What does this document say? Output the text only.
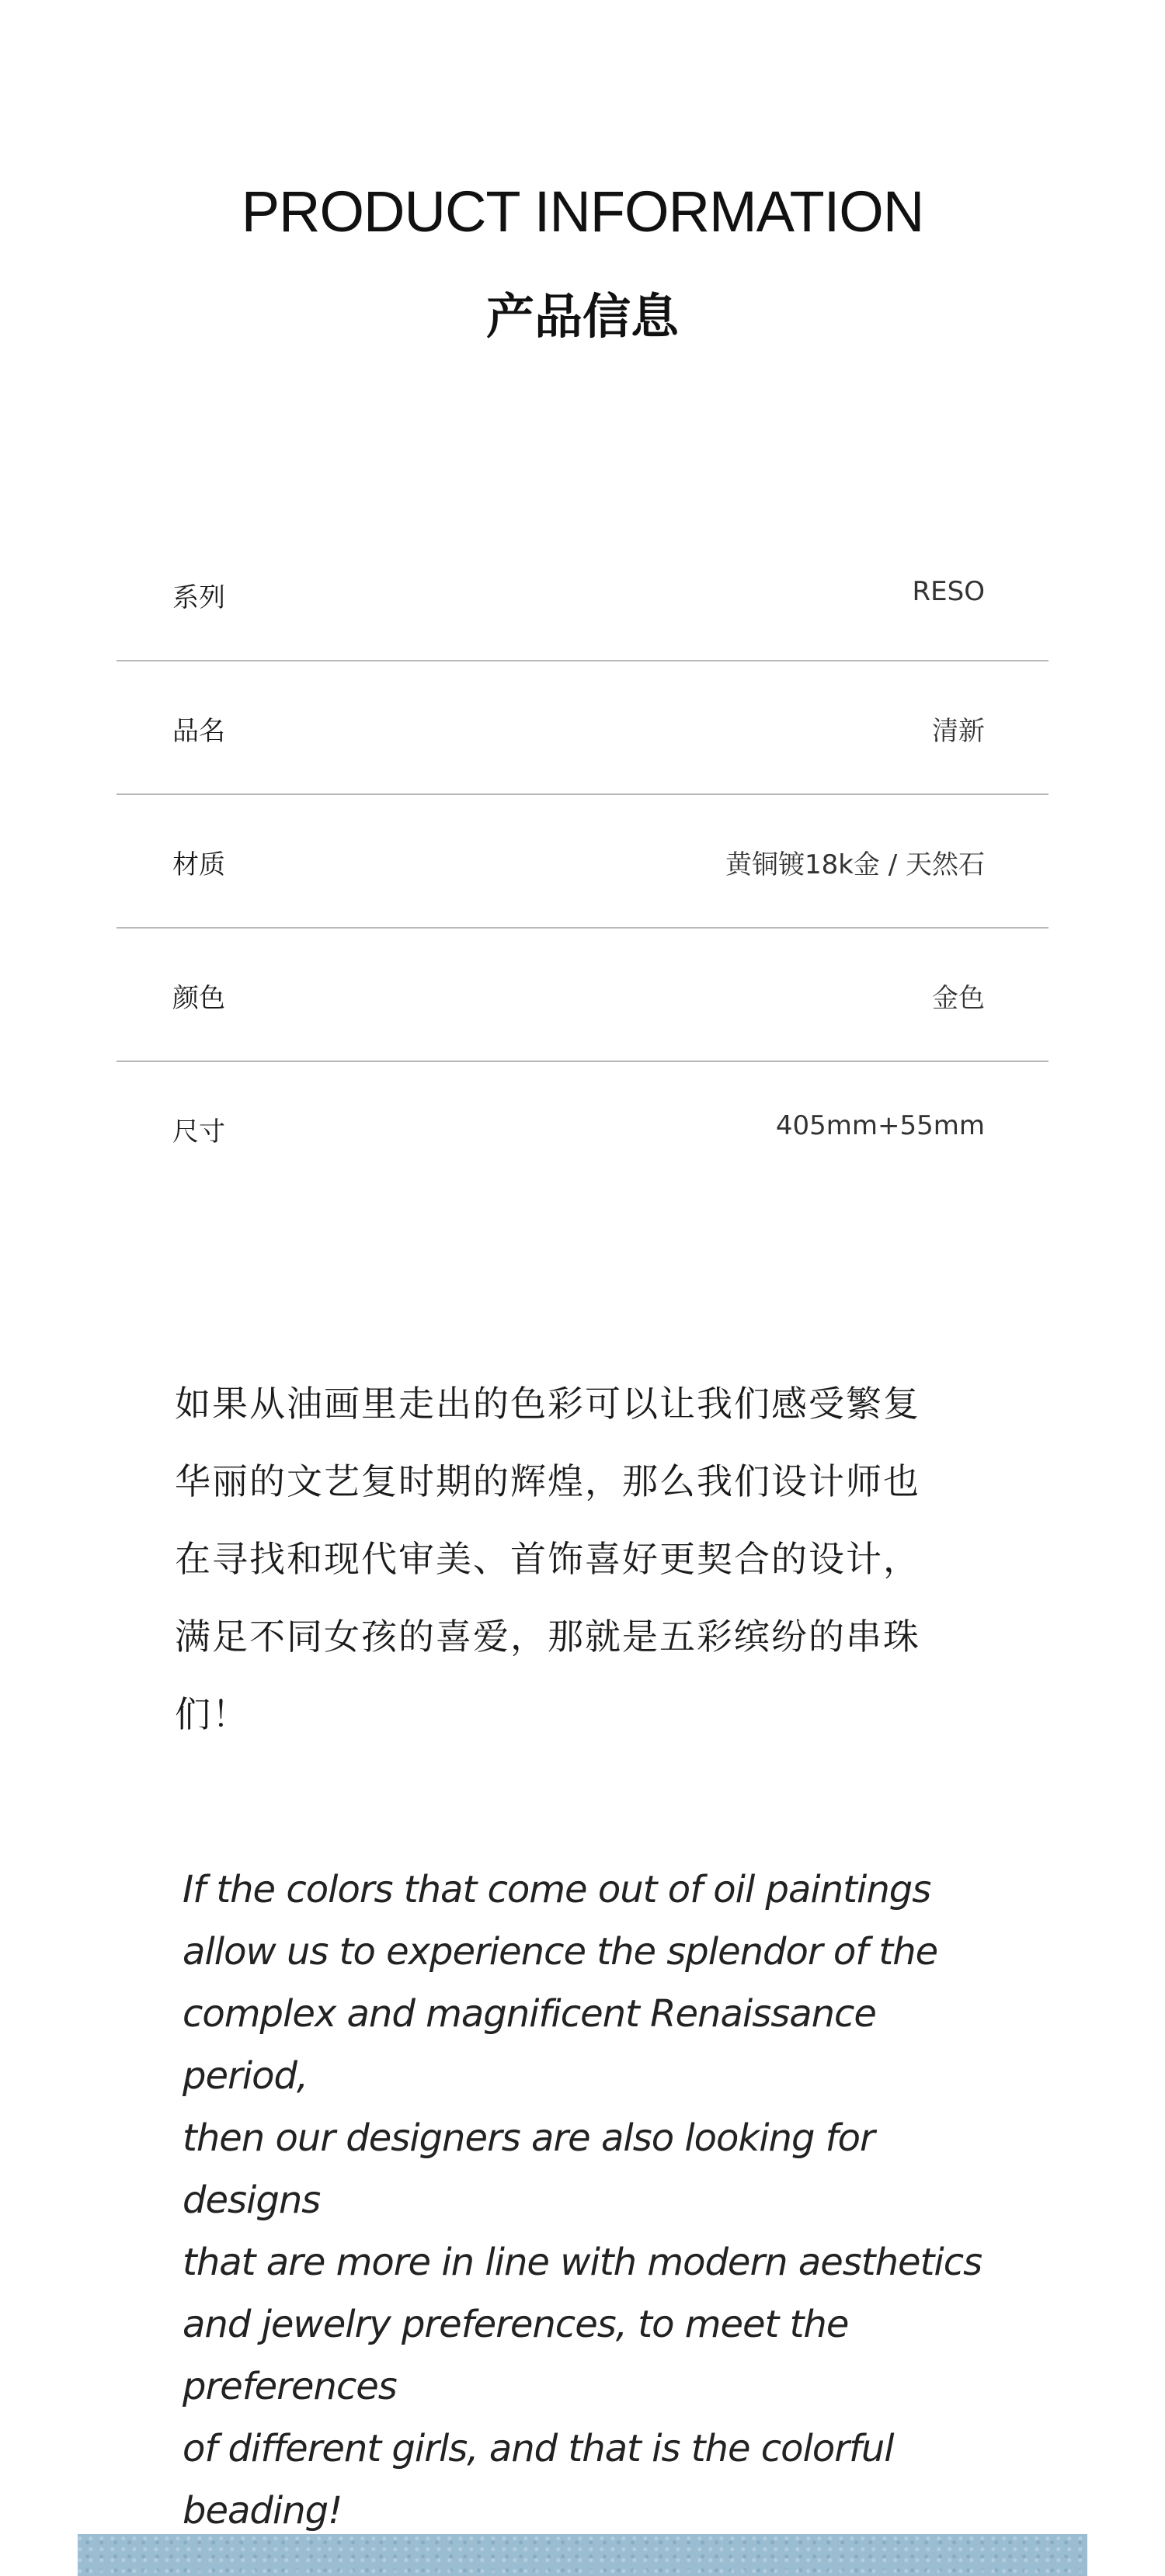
PRODUCT INFORMATION
产品信息
系列	RESO
品名	清新
材质	黄铜镀18k金 / 天然石
颜色	金色
尺寸	405mm+55mm
如果从油画里走出的色彩可以让我们感受繁复
华丽的文艺复时期的辉煌，那么我们设计师也
在寻找和现代审美、首饰喜好更契合的设计，
满足不同女孩的喜爱，那就是五彩缤纷的串珠
们！
If the colors that come out of oil paintings
allow us to experience the splendor of the
complex and magnificent Renaissance period,
then our designers are also looking for designs
that are more in line with modern aesthetics
and jewelry preferences, to meet the preferences
of different girls, and that is the colorful beading!
